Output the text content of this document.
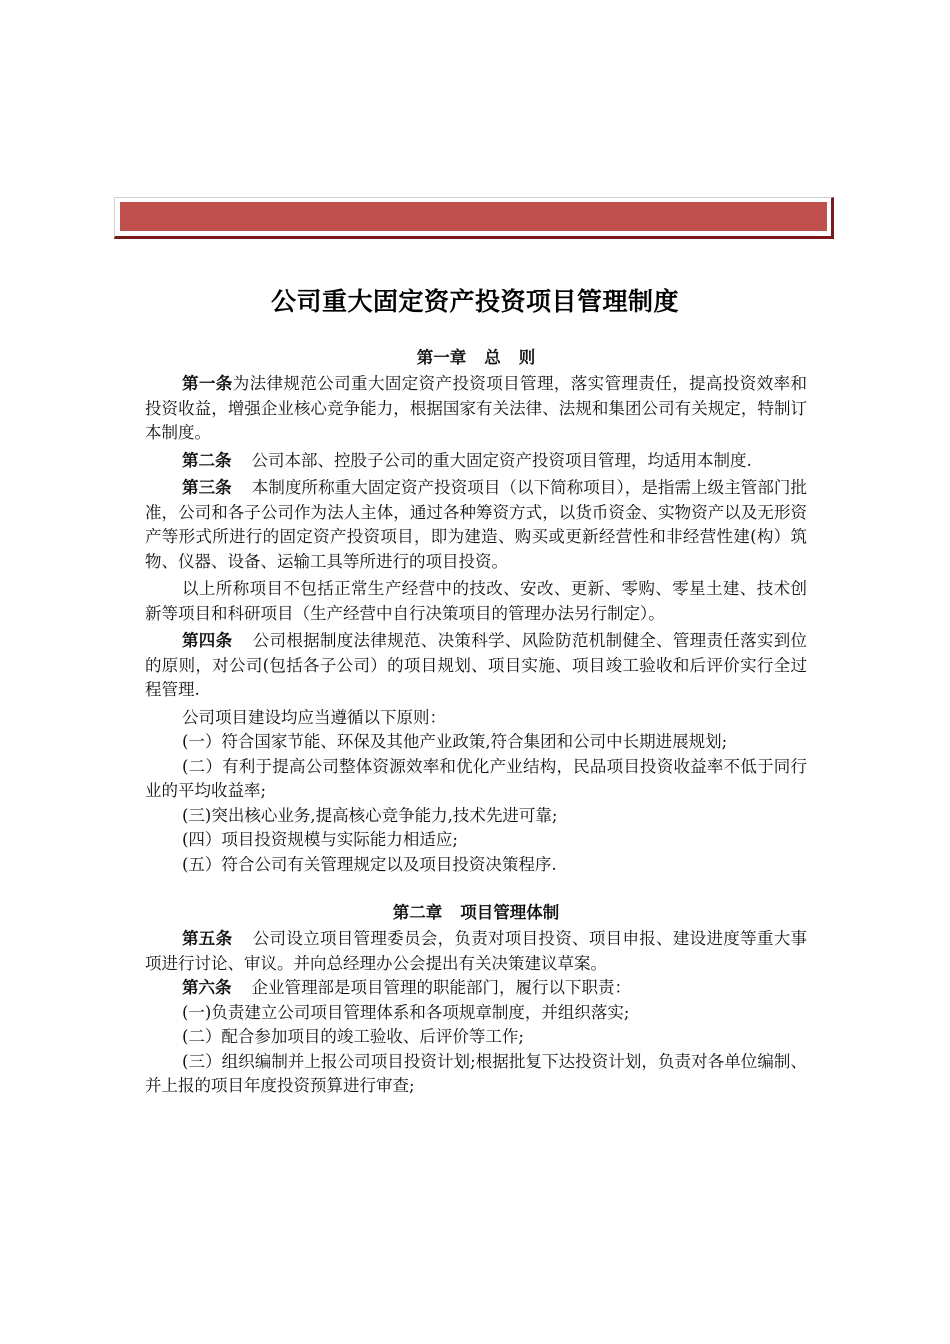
公司重大固定资产投资项目管理制度

第一章 总 则

第一条为法律规范公司重大固定资产投资项目管理，落实管理责任，提高投资效率和投资收益，增强企业核心竞争能力，根据国家有关法律、法规和集团公司有关规定，特制订本制度。

第二条 公司本部、控股子公司的重大固定资产投资项目管理，均适用本制度.

第三条 本制度所称重大固定资产投资项目（以下简称项目），是指需上级主管部门批准，公司和各子公司作为法人主体，通过各种筹资方式，以货币资金、实物资产以及无形资产等形式所进行的固定资产投资项目，即为建造、购买或更新经营性和非经营性建(构）筑物、仪器、设备、运输工具等所进行的项目投资。

以上所称项目不包括正常生产经营中的技改、安改、更新、零购、零星土建、技术创新等项目和科研项目（生产经营中自行决策项目的管理办法另行制定）。

第四条 公司根据制度法律规范、决策科学、风险防范机制健全、管理责任落实到位的原则，对公司(包括各子公司）的项目规划、项目实施、项目竣工验收和后评价实行全过程管理.

公司项目建设均应当遵循以下原则：

(一）符合国家节能、环保及其他产业政策,符合集团和公司中长期进展规划;

(二）有利于提高公司整体资源效率和优化产业结构，民品项目投资收益率不低于同行业的平均收益率;

(三)突出核心业务,提高核心竞争能力,技术先进可靠;

(四）项目投资规模与实际能力相适应;

(五）符合公司有关管理规定以及项目投资决策程序.

第二章 项目管理体制

第五条 公司设立项目管理委员会，负责对项目投资、项目申报、建设进度等重大事项进行讨论、审议。并向总经理办公会提出有关决策建议草案。

第六条 企业管理部是项目管理的职能部门，履行以下职责：

(一)负责建立公司项目管理体系和各项规章制度，并组织落实;

(二）配合参加项目的竣工验收、后评价等工作;

(三）组织编制并上报公司项目投资计划;根据批复下达投资计划，负责对各单位编制、并上报的项目年度投资预算进行审查;
